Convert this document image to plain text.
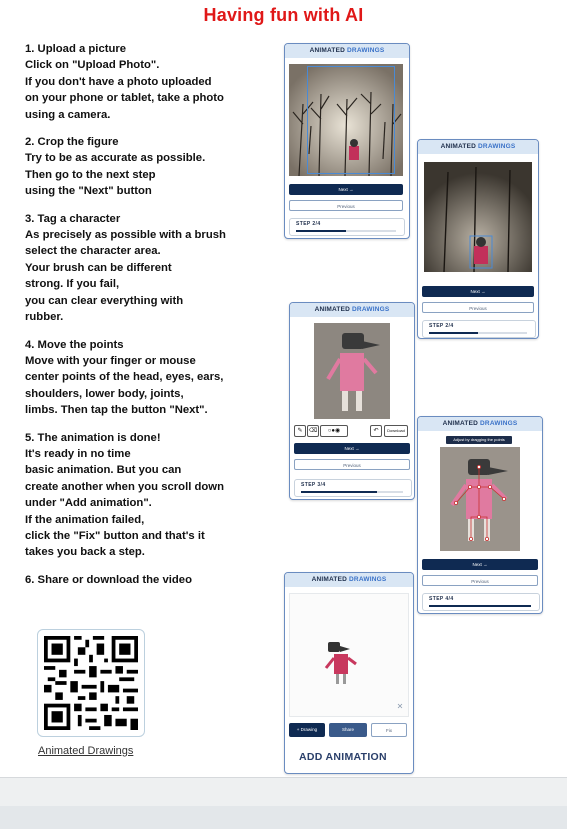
Having fun with AI

1. Upload a picture
Click on "Upload Photo".
If you don't have a photo uploaded
on your phone or tablet, take a photo
using a camera.

2. Crop the figure
Try to be as accurate as possible.
Then go to the next step
using the "Next" button

3. Tag a character
As precisely as possible with a brush
select the character area.
Your brush can be different
strong. If you fail,
you can clear everything with
rubber.

4. Move the points
Move with your finger or mouse
center points of the head, eyes, ears,
shoulders, lower body, joints,
limbs. Then tap the button "Next".

5. The animation is done!
It's ready in no time
basic animation. But you can
create another when you scroll down
under "Add animation".
If the animation failed,
click the "Fix" button and that's it
takes you back a step.

6. Share or download the video

Animated Drawings
ANIMATED DRAWINGS
Next →
Previous
STEP 2/4
ANIMATED DRAWINGS
Next →
Previous
STEP 2/4
ANIMATED DRAWINGS
✎	⌫	○●◉	↶	Download
Next →
Previous
STEP 3/4
ANIMATED DRAWINGS
Adjust by dragging the points
Next →
Previous
STEP 4/4
ANIMATED DRAWINGS
+ Drawing	Share	Fix
ADD ANIMATION
